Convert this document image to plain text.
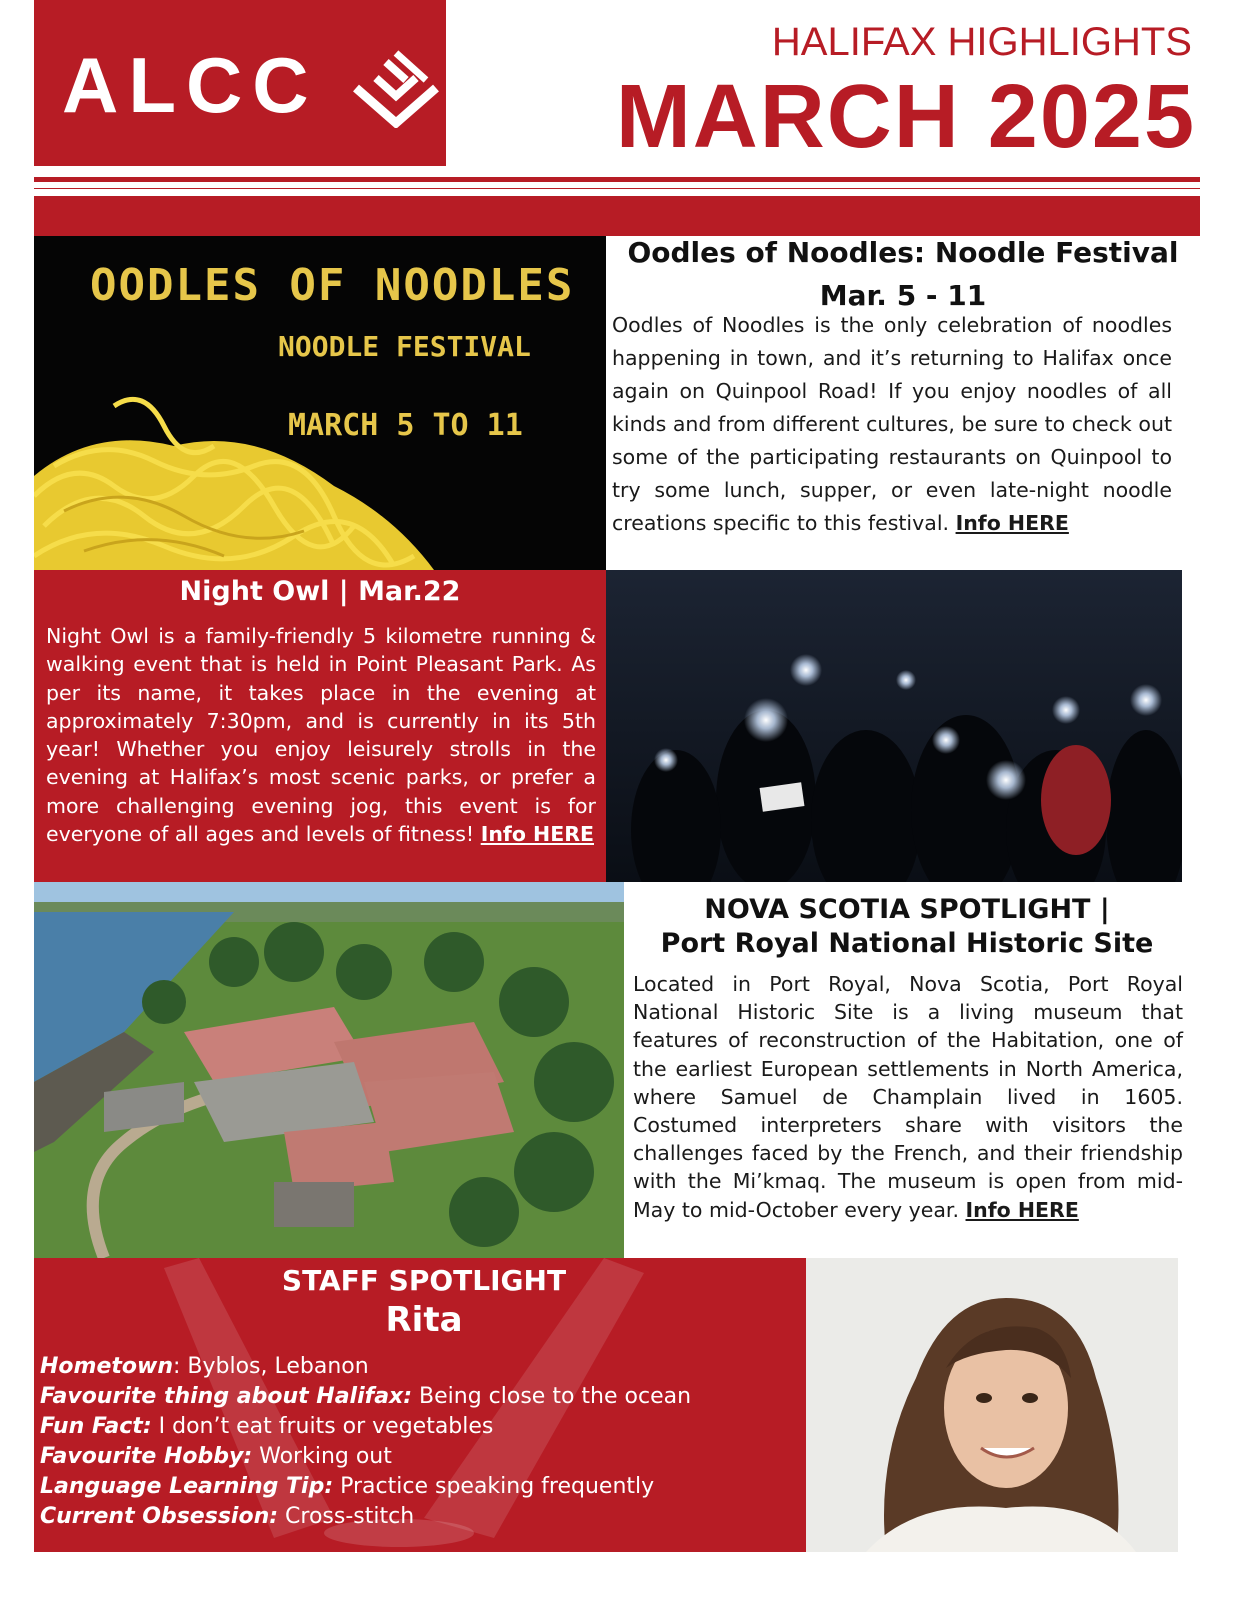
ALCC	HALIFAX HIGHLIGHTS
MARCH 2025
OODLES OF NOODLES
NOODLE FESTIVAL
MARCH 5 TO 11
Oodles of Noodles: Noodle Festival
Mar. 5 - 11
Oodles of Noodles is the only celebration of noodles happening in town, and it’s returning to Halifax once again on Quinpool Road! If you enjoy noodles of all kinds and from different cultures, be sure to check out some of the participating restaurants on Quinpool to try some lunch, supper, or even late-night noodle creations specific to this festival. Info HERE
Night Owl | Mar.22
Night Owl is a family-friendly 5 kilometre running & walking event that is held in Point Pleasant Park. As per its name, it takes place in the evening at approximately 7:30pm, and is currently in its 5th year! Whether you enjoy leisurely strolls in the evening at Halifax’s most scenic parks, or prefer a more challenging evening jog, this event is for everyone of all ages and levels of fitness! Info HERE
NOVA SCOTIA SPOTLIGHT |
Port Royal National Historic Site
Located in Port Royal, Nova Scotia, Port Royal National Historic Site is a living museum that features of reconstruction of the Habitation, one of the earliest European settlements in North America, where Samuel de Champlain lived in 1605. Costumed interpreters share with visitors the challenges faced by the French, and their friendship with the Mi’kmaq. The museum is open from mid-May to mid-October every year. Info HERE
STAFF SPOTLIGHT
Rita
Hometown: Byblos, Lebanon
Favourite thing about Halifax: Being close to the ocean
Fun Fact: I don’t eat fruits or vegetables
Favourite Hobby: Working out
Language Learning Tip: Practice speaking frequently
Current Obsession: Cross-stitch
